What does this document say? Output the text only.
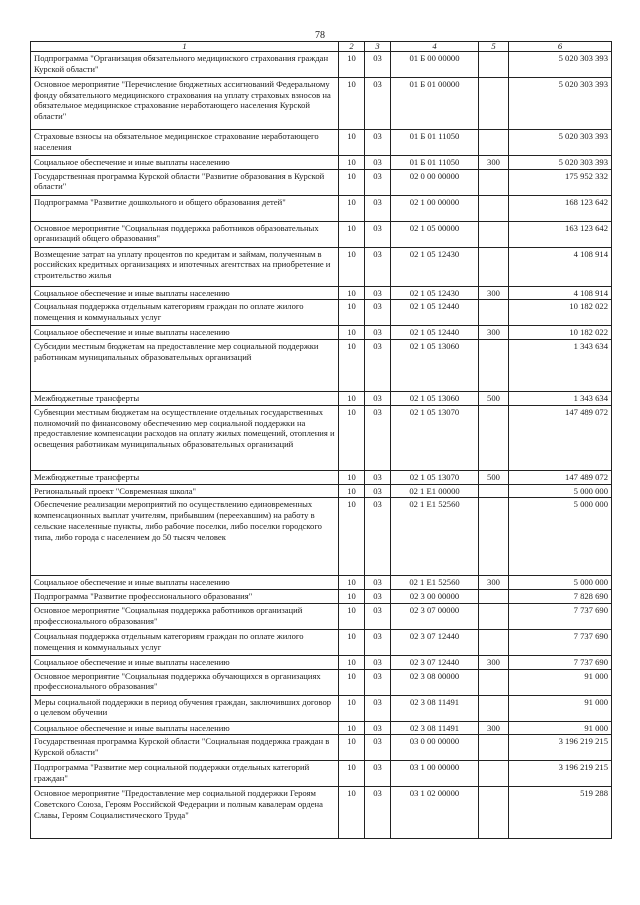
78
1	2	3	4	5	6
Подпрограмма "Организация обязательного медицинского страхования граждан Курской области"	10	03	01 Б 00 00000		5 020 303 393
Основное мероприятие "Перечисление бюджетных ассигнований Федеральному фонду обязательного медицинского страхования на уплату страховых взносов на обязательное медицинское страхование неработающего населения Курской области"	10	03	01 Б 01 00000		5 020 303 393
Страховые взносы на обязательное медицинское страхование неработающего населения	10	03	01 Б 01 11050		5 020 303 393
Социальное обеспечение и иные выплаты населению	10	03	01 Б 01 11050	300	5 020 303 393
Государственная программа Курской области "Развитие образования в Курской области"	10	03	02 0 00 00000		175 952 332
Подпрограмма "Развитие дошкольного и общего образования детей"	10	03	02 1 00 00000		168 123 642
Основное мероприятие "Социальная поддержка работников образовательных организаций общего образования"	10	03	02 1 05 00000		163 123 642
Возмещение затрат на уплату процентов по кредитам и займам, полученным в российских кредитных организациях и ипотечных агентствах на приобретение и строительство жилья	10	03	02 1 05 12430		4 108 914
Социальное обеспечение и иные выплаты населению	10	03	02 1 05 12430	300	4 108 914
Социальная поддержка отдельным категориям граждан по оплате жилого помещения и коммунальных услуг	10	03	02 1 05 12440		10 182 022
Социальное обеспечение и иные выплаты населению	10	03	02 1 05 12440	300	10 182 022
Субсидии местным бюджетам на предоставление мер социальной поддержки работникам муниципальных образовательных организаций	10	03	02 1 05 13060		1 343 634
Межбюджетные трансферты	10	03	02 1 05 13060	500	1 343 634
Субвенции местным бюджетам на осуществление отдельных государственных полномочий по финансовому обеспечению мер социальной поддержки на предоставление компенсации расходов на оплату жилых помещений, отопления и освещения работникам муниципальных образовательных организаций	10	03	02 1 05 13070		147 489 072
Межбюджетные трансферты	10	03	02 1 05 13070	500	147 489 072
Региональный проект "Современная школа"	10	03	02 1 E1 00000		5 000 000
Обеспечение реализации мероприятий по осуществлению единовременных компенсационных выплат учителям, прибывшим (переехавшим) на работу в сельские населенные пункты, либо рабочие поселки, либо поселки городского типа, либо города с населением до 50 тысяч человек	10	03	02 1 E1 52560		5 000 000
Социальное обеспечение и иные выплаты населению	10	03	02 1 E1 52560	300	5 000 000
Подпрограмма "Развитие профессионального образования"	10	03	02 3 00 00000		7 828 690
Основное мероприятие "Социальная поддержка работников организаций профессионального образования"	10	03	02 3 07 00000		7 737 690
Социальная поддержка отдельным категориям граждан по оплате жилого помещения и коммунальных услуг	10	03	02 3 07 12440		7 737 690
Социальное обеспечение и иные выплаты населению	10	03	02 3 07 12440	300	7 737 690
Основное мероприятие "Социальная поддержка обучающихся в организациях профессионального образования"	10	03	02 3 08 00000		91 000
Меры социальной поддержки в период обучения граждан, заключивших договор о целевом обучении	10	03	02 3 08 11491		91 000
Социальное обеспечение и иные выплаты населению	10	03	02 3 08 11491	300	91 000
Государственная программа Курской области "Социальная поддержка граждан в Курской области"	10	03	03 0 00 00000		3 196 219 215
Подпрограмма "Развитие мер социальной поддержки отдельных категорий граждан"	10	03	03 1 00 00000		3 196 219 215
Основное мероприятие "Предоставление мер социальной поддержки Героям Советского Союза, Героям Российской Федерации и полным кавалерам ордена Славы, Героям Социалистического Труда"	10	03	03 1 02 00000		519 288
